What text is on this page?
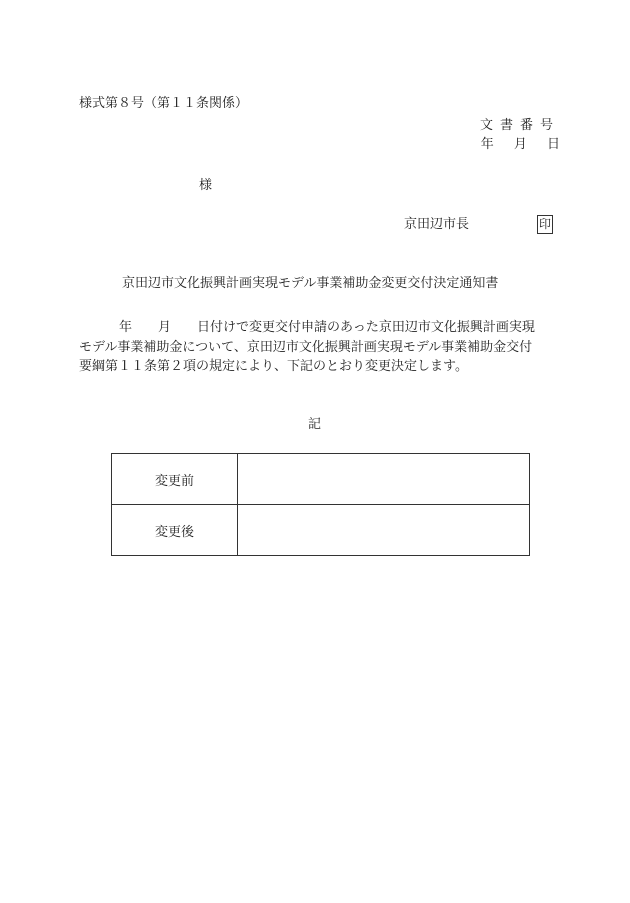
様式第８号（第１１条関係）
文書番号
年 月 日
様
京田辺市長	印
京田辺市文化振興計画実現モデル事業補助金変更交付決定通知書
年　　月　　日付けで変更交付申請のあった京田辺市文化振興計画実現
モデル事業補助金について、京田辺市文化振興計画実現モデル事業補助金交付
要綱第１１条第２項の規定により、下記のとおり変更決定します。
記
変更前	
変更後	
